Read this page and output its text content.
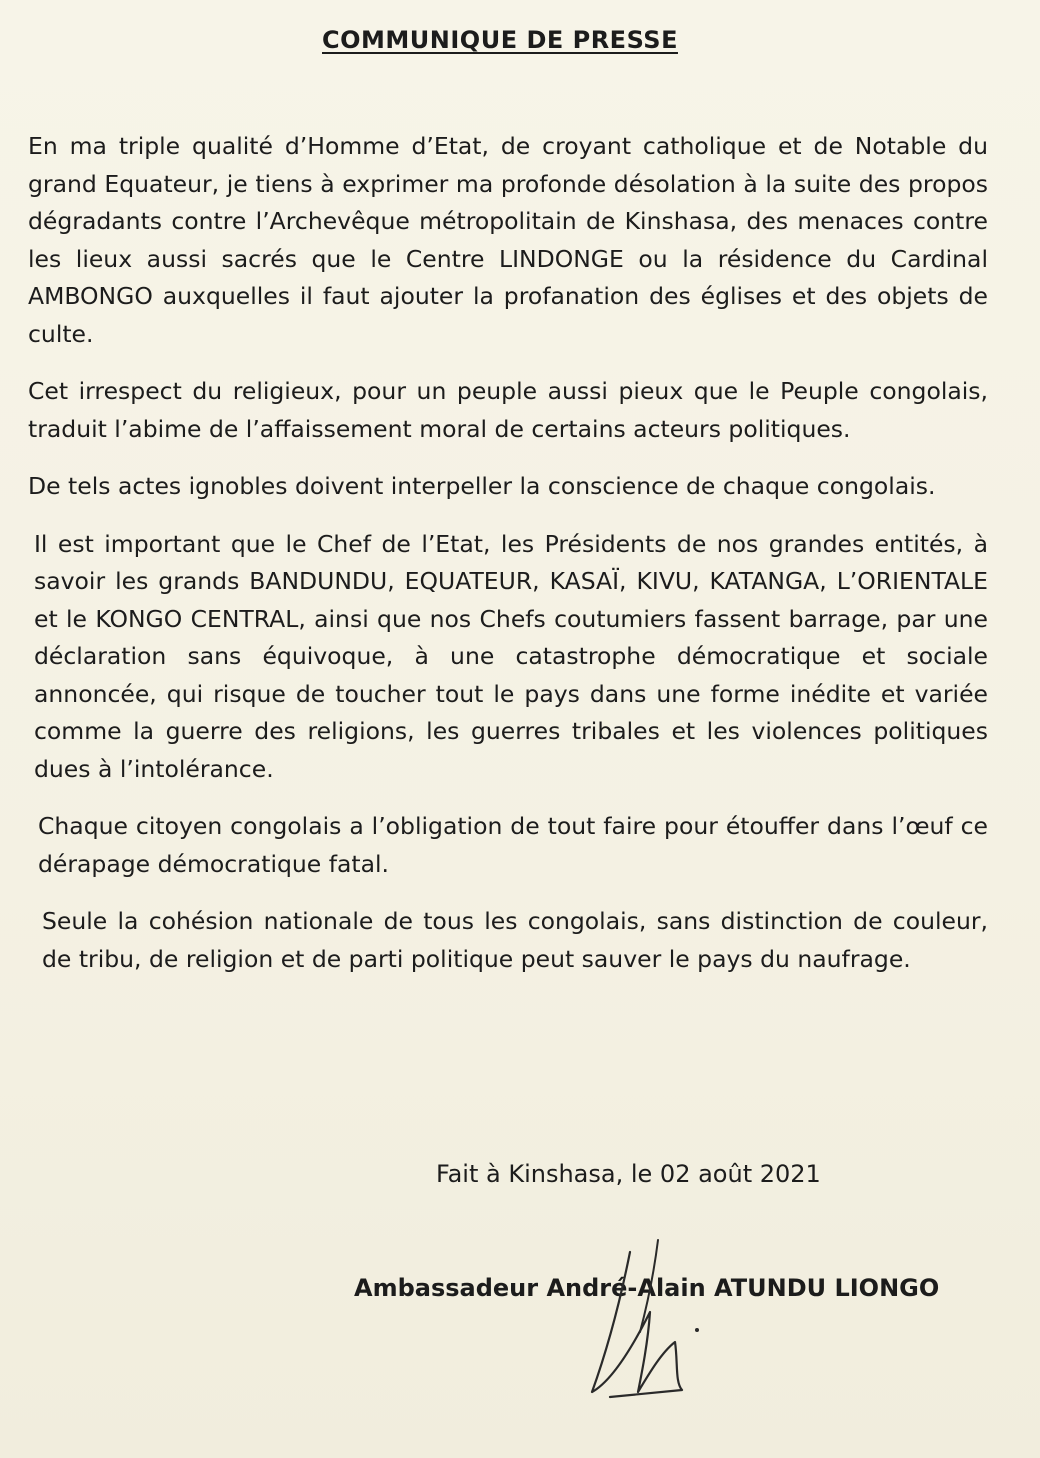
COMMUNIQUE DE PRESSE

En ma triple qualité d’Homme d’Etat, de croyant catholique et de Notable du grand Equateur, je tiens à exprimer ma profonde désolation à la suite des propos dégradants contre l’Archevêque métropolitain de Kinshasa, des menaces contre les lieux aussi sacrés que le Centre LINDONGE ou la résidence du Cardinal AMBONGO auxquelles il faut ajouter la profanation des églises et des objets de culte.

Cet irrespect du religieux, pour un peuple aussi pieux que le Peuple congolais, traduit l’abime de l’affaissement moral de certains acteurs politiques.

De tels actes ignobles doivent interpeller la conscience de chaque congolais.

Il est important que le Chef de l’Etat, les Présidents de nos grandes entités, à savoir les grands BANDUNDU, EQUATEUR, KASAÏ, KIVU, KATANGA, L’ORIENTALE et le KONGO CENTRAL, ainsi que nos Chefs coutumiers fassent barrage, par une déclaration sans équivoque, à une catastrophe démocratique et sociale annoncée, qui risque de toucher tout le pays dans une forme inédite et variée comme la guerre des religions, les guerres tribales et les violences politiques dues à l’intolérance.

Chaque citoyen congolais a l’obligation de tout faire pour étouffer dans l’œuf ce dérapage démocratique fatal.

Seule la cohésion nationale de tous les congolais, sans distinction de couleur, de tribu, de religion et de parti politique peut sauver le pays du naufrage.

Fait à Kinshasa, le 02 août 2021
Ambassadeur André-Alain ATUNDU LIONGO
